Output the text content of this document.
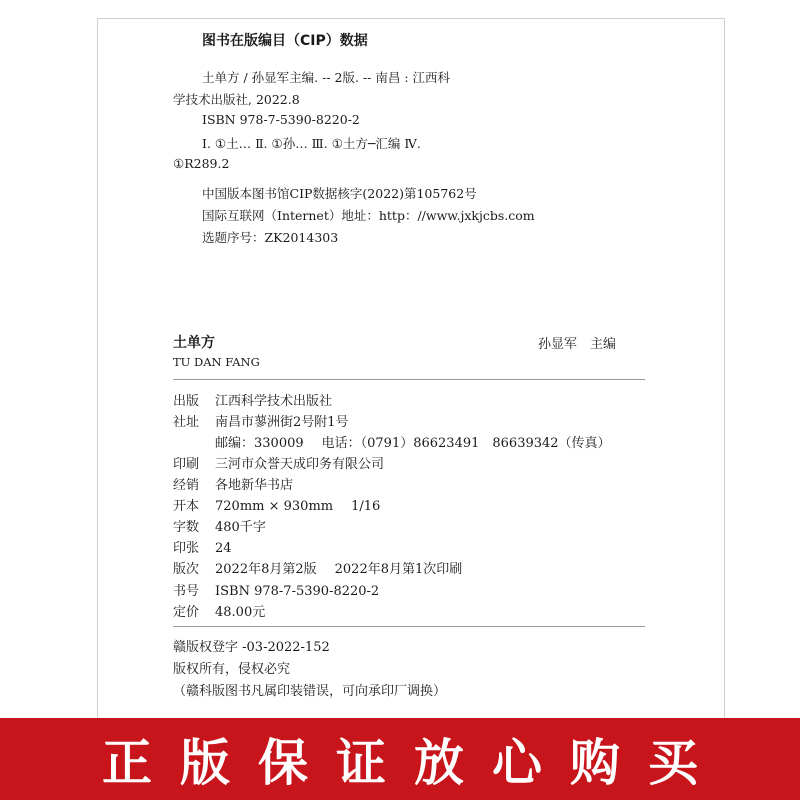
图书在版编目（CIP）数据
土单方 / 孙显军主编. -- 2版. -- 南昌 : 江西科
学技术出版社, 2022.8
ISBN 978-7-5390-8220-2
Ⅰ. ①土… Ⅱ. ①孙… Ⅲ. ①土方─汇编 Ⅳ.
①R289.2
中国版本图书馆CIP数据核字(2022)第105762号
国际互联网（Internet）地址：http：//www.jxkjcbs.com
选题序号：ZK2014303
土单方
TU DAN FANG
孙显军　主编
出版 江西科学技术出版社
社址 南昌市蓼洲街2号附1号
邮编：330009 电话：（0791）86623491　86639342（传真）
印刷 三河市众誉天成印务有限公司
经销 各地新华书店
开本 720mm × 930mm 1/16
字数 480千字
印张 24
版次 2022年8月第2版 2022年8月第1次印刷
书号 ISBN 978-7-5390-8220-2
定价 48.00元
赣版权登字 -03-2022-152
版权所有，侵权必究
（赣科版图书凡属印装错误，可向承印厂调换）
正版保证放心购买
